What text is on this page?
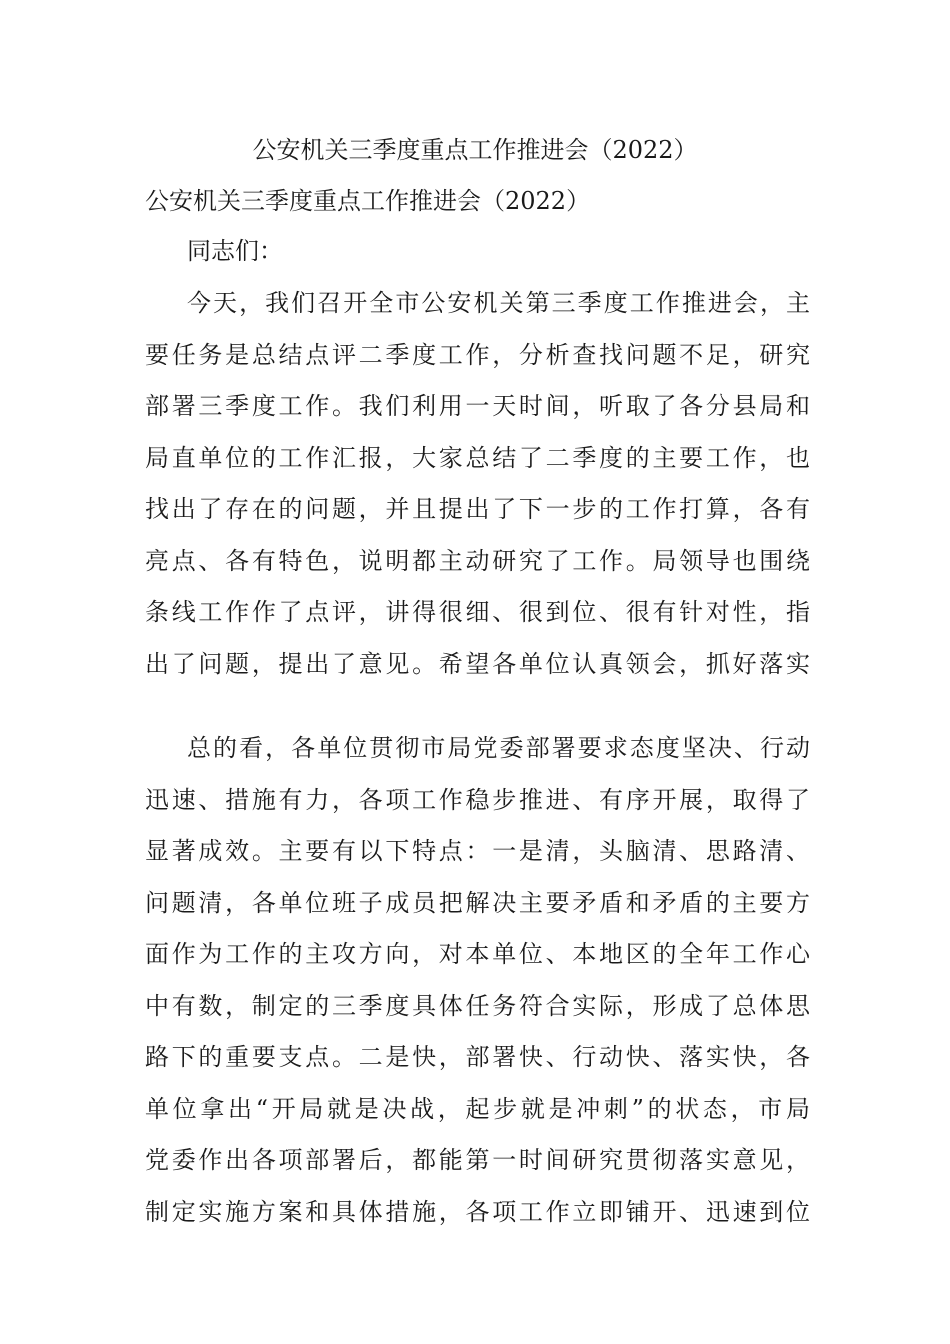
公安机关三季度重点工作推进会（2022）
公安机关三季度重点工作推进会（2022）
同志们：
今天，我们召开全市公安机关第三季度工作推进会，主
要任务是总结点评二季度工作，分析查找问题不足，研究
部署三季度工作。我们利用一天时间，听取了各分县局和
局直单位的工作汇报，大家总结了二季度的主要工作，也
找出了存在的问题，并且提出了下一步的工作打算，各有
亮点、各有特色，说明都主动研究了工作。局领导也围绕
条线工作作了点评，讲得很细、很到位、很有针对性，指
出了问题，提出了意见。希望各单位认真领会，抓好落实
总的看，各单位贯彻市局党委部署要求态度坚决、行动
迅速、措施有力，各项工作稳步推进、有序开展，取得了
显著成效。主要有以下特点：一是清，头脑清、思路清、
问题清，各单位班子成员把解决主要矛盾和矛盾的主要方
面作为工作的主攻方向，对本单位、本地区的全年工作心
中有数，制定的三季度具体任务符合实际，形成了总体思
路下的重要支点。二是快，部署快、行动快、落实快，各
单位拿出“开局就是决战，起步就是冲刺”的状态，市局
党委作出各项部署后，都能第一时间研究贯彻落实意见，
制定实施方案和具体措施，各项工作立即铺开、迅速到位
